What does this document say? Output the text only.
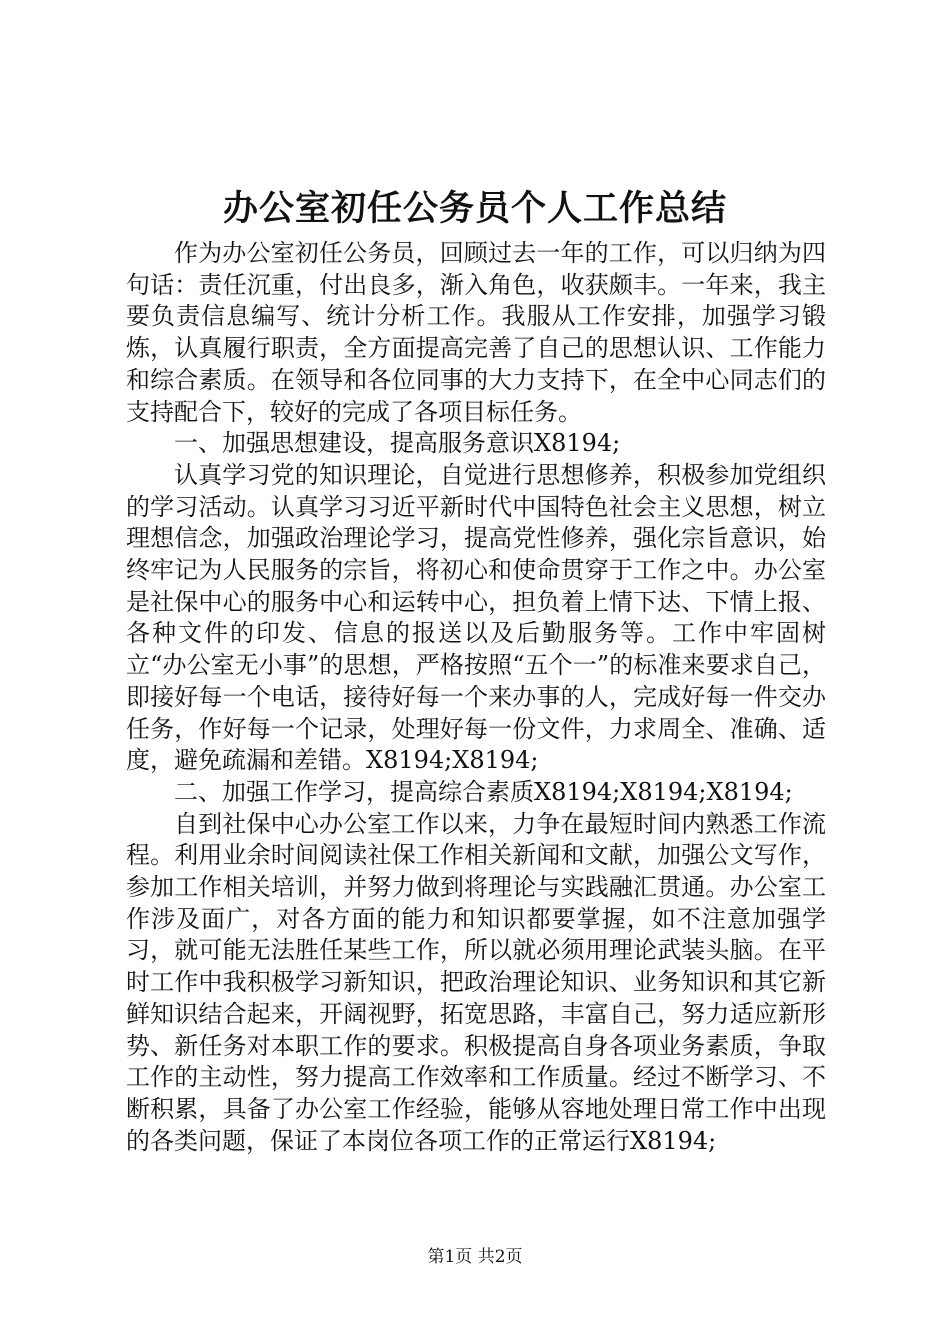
办公室初任公务员个人工作总结

作为办公室初任公务员，回顾过去一年的工作，可以归纳为四句话：责任沉重，付出良多，渐入角色，收获颇丰。一年来，我主要负责信息编写、统计分析工作。我服从工作安排，加强学习锻炼，认真履行职责，全方面提高完善了自己的思想认识、工作能力和综合素质。在领导和各位同事的大力支持下，在全中心同志们的支持配合下，较好的完成了各项目标任务。

一、加强思想建设，提高服务意识X8194;

认真学习党的知识理论，自觉进行思想修养，积极参加党组织的学习活动。认真学习习近平新时代中国特色社会主义思想，树立理想信念，加强政治理论学习，提高党性修养，强化宗旨意识，始终牢记为人民服务的宗旨，将初心和使命贯穿于工作之中。办公室是社保中心的服务中心和运转中心，担负着上情下达、下情上报、各种文件的印发、信息的报送以及后勤服务等。工作中牢固树立“办公室无小事”的思想，严格按照“五个一”的标准来要求自己，即接好每一个电话，接待好每一个来办事的人，完成好每一件交办任务，作好每一个记录，处理好每一份文件，力求周全、准确、适度，避免疏漏和差错。X8194;X8194;

二、加强工作学习，提高综合素质X8194;X8194;X8194;

自到社保中心办公室工作以来，力争在最短时间内熟悉工作流程。利用业余时间阅读社保工作相关新闻和文献，加强公文写作，参加工作相关培训，并努力做到将理论与实践融汇贯通。办公室工作涉及面广，对各方面的能力和知识都要掌握，如不注意加强学习，就可能无法胜任某些工作，所以就必须用理论武装头脑。在平时工作中我积极学习新知识，把政治理论知识、业务知识和其它新鲜知识结合起来，开阔视野，拓宽思路，丰富自己，努力适应新形势、新任务对本职工作的要求。积极提高自身各项业务素质，争取工作的主动性，努力提高工作效率和工作质量。经过不断学习、不断积累，具备了办公室工作经验，能够从容地处理日常工作中出现的各类问题，保证了本岗位各项工作的正常运行X8194;

第1页 共2页
